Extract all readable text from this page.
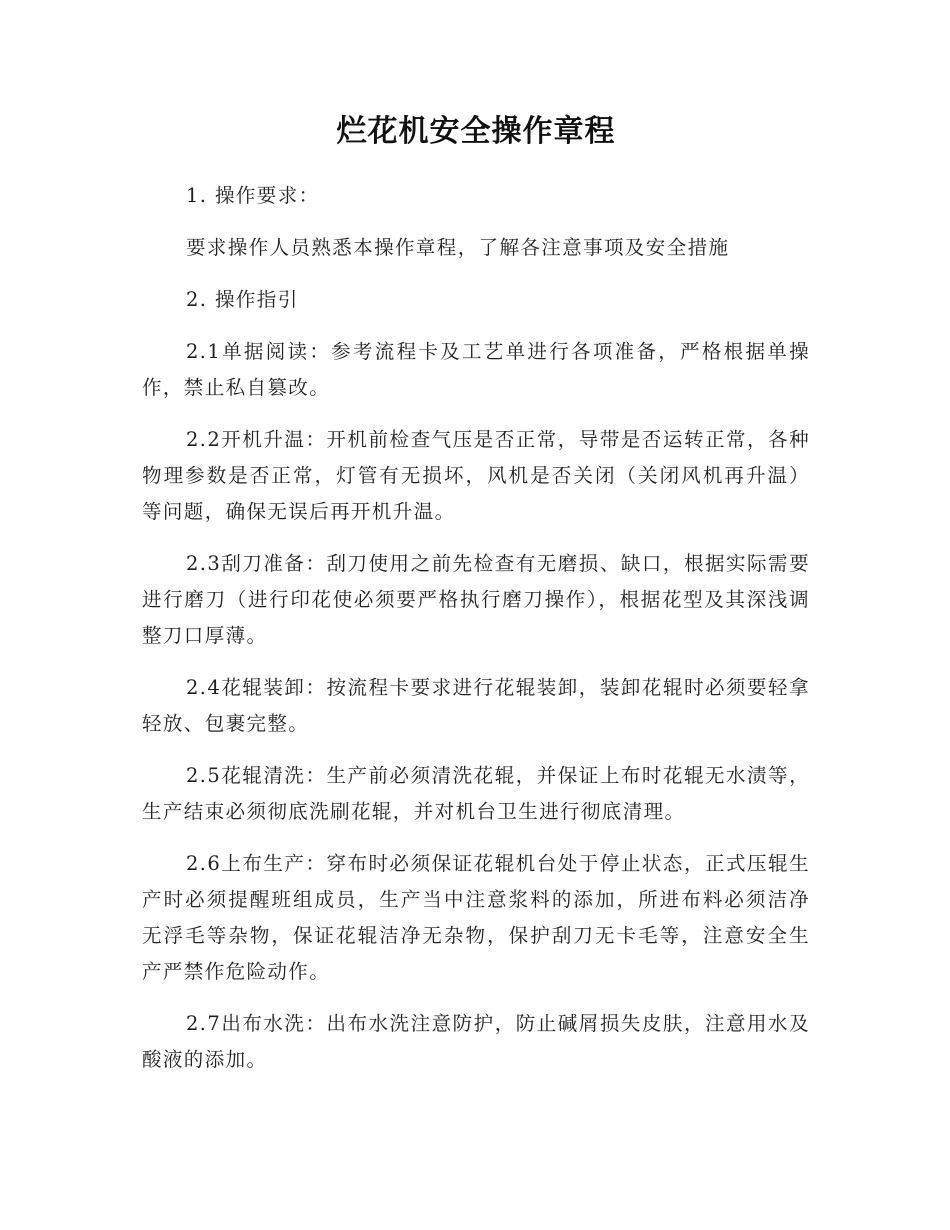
烂花机安全操作章程

1. 操作要求：

要求操作人员熟悉本操作章程，了解各注意事项及安全措施

2. 操作指引

2.1单据阅读：参考流程卡及工艺单进行各项准备，严格根据单操作，禁止私自篡改。

2.2开机升温：开机前检查气压是否正常，导带是否运转正常，各种物理参数是否正常，灯管有无损坏，风机是否关闭（关闭风机再升温）等问题，确保无误后再开机升温。

2.3刮刀准备：刮刀使用之前先检查有无磨损、缺口，根据实际需要进行磨刀（进行印花使必须要严格执行磨刀操作），根据花型及其深浅调整刀口厚薄。

2.4花辊装卸：按流程卡要求进行花辊装卸，装卸花辊时必须要轻拿轻放、包裹完整。

2.5花辊清洗：生产前必须清洗花辊，并保证上布时花辊无水渍等，生产结束必须彻底洗刷花辊，并对机台卫生进行彻底清理。

2.6上布生产：穿布时必须保证花辊机台处于停止状态，正式压辊生产时必须提醒班组成员，生产当中注意浆料的添加，所进布料必须洁净无浮毛等杂物，保证花辊洁净无杂物，保护刮刀无卡毛等，注意安全生产严禁作危险动作。

2.7出布水洗：出布水洗注意防护，防止碱屑损失皮肤，注意用水及酸液的添加。
